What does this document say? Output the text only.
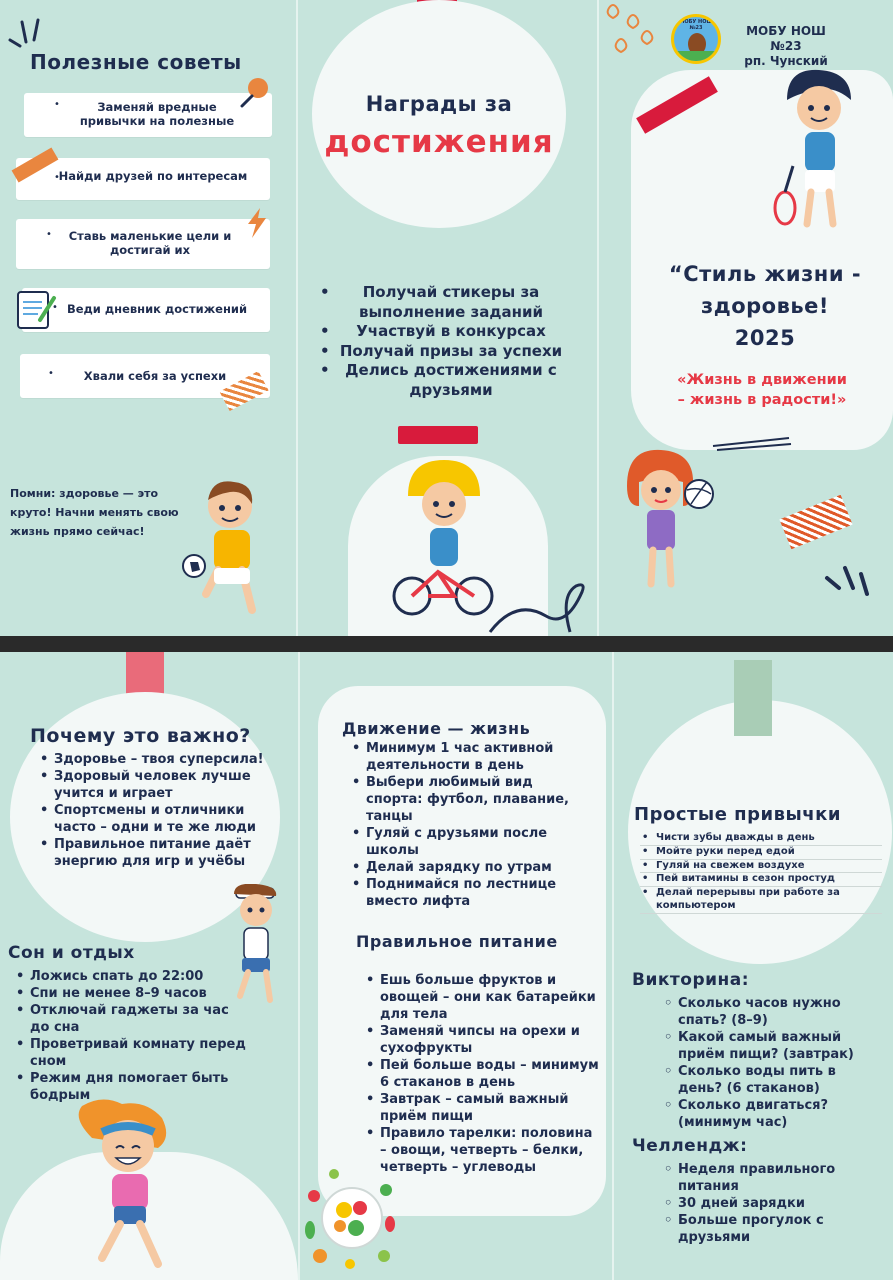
Полезные советы
•	Заменяй вредные привычки на полезные
•
Найди друзей по интересам
•	Ставь маленькие цели и достигай их
• Веди дневник достижений
•	Хвали себя за успехи
Помни: здоровье — это круто! Начни менять свою жизнь прямо сейчас!
Награды за
достижения
• Получай стикеры за выполнение заданий
• Участвуй в конкурсах
• Получай призы за успехи
• Делись достижениями с друзьями
МОБУ НОШ №23	МОБУ НОШ №23
рп. Чунский
“Стиль жизни -
здоровье!
2025
«Жизнь в движении
– жизнь в радости!»
Почему это важно?
• Здоровье – твоя суперсила!
• Здоровый человек лучше учится и играет
• Спортсмены и отличники часто – одни и те же люди
• Правильное питание даёт энергию для игр и учёбы
Сон и отдых
• Ложись спать до 22:00
• Спи не менее 8–9 часов
• Отключай гаджеты за час до сна
• Проветривай комнату перед сном
• Режим дня помогает быть бодрым
Движение — жизнь
• Минимум 1 час активной деятельности в день
• Выбери любимый вид спорта: футбол, плавание, танцы
• Гуляй с друзьями после школы
• Делай зарядку по утрам
• Поднимайся по лестнице вместо лифта
Правильное питание
• Ешь больше фруктов и овощей – они как батарейки для тела
• Заменяй чипсы на орехи и сухофрукты
• Пей больше воды – минимум 6 стаканов в день
• Завтрак – самый важный приём пищи
• Правило тарелки: половина – овощи, четверть – белки, четверть – углеводы
Простые привычки
• Чисти зубы дважды в день
• Мойте руки перед едой
• Гуляй на свежем воздухе
• Пей витамины в сезон простуд
• Делай перерывы при работе за компьютером
Викторина:
◦ Сколько часов нужно спать? (8–9)
◦ Какой самый важный приём пищи? (завтрак)
◦ Сколько воды пить в день? (6 стаканов)
◦ Сколько двигаться? (минимум час)
Челлендж:
◦ Неделя правильного питания
◦ 30 дней зарядки
◦ Больше прогулок с друзьями
